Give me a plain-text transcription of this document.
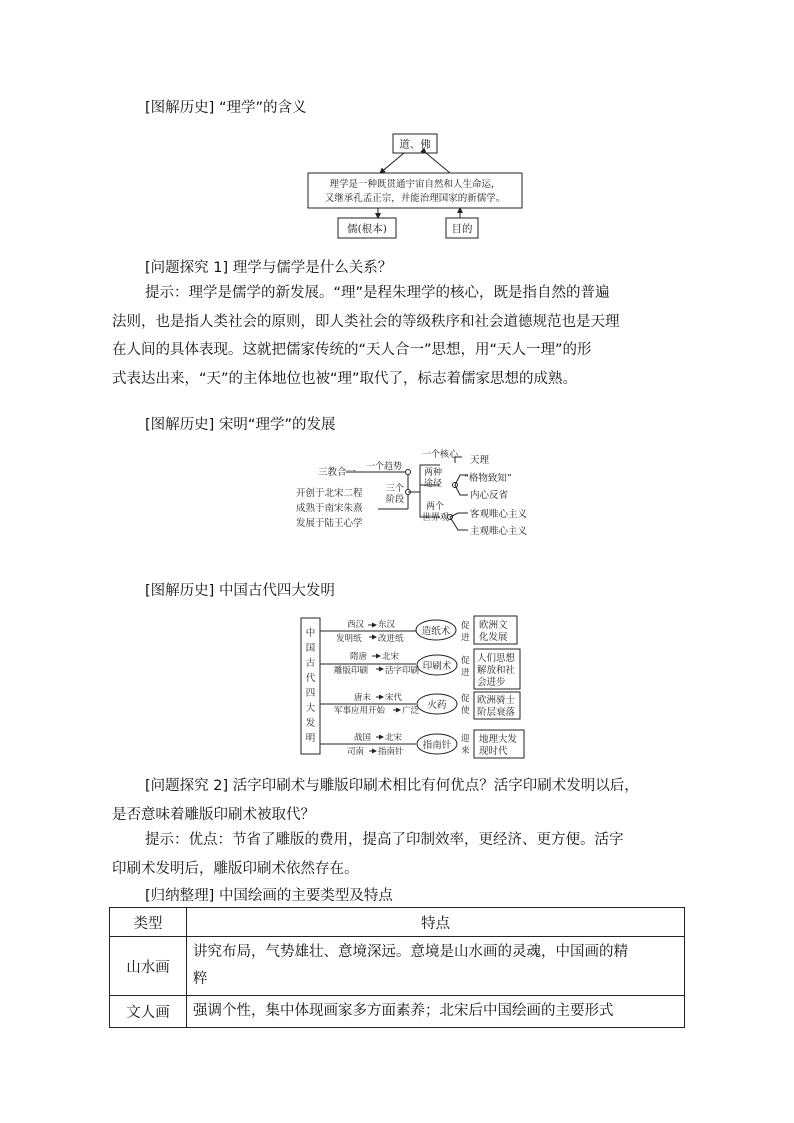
[图解历史] “理学”的含义
道、佛
理学是一种既贯通宇宙自然和人生命运，
又继承孔孟正宗，并能治理国家的新儒学。
儒(根本)	目的
[问题探究 1] 理学与儒学是什么关系？
提示：理学是儒学的新发展。“理”是程朱理学的核心，既是指自然的普遍
法则，也是指人类社会的原则，即人类社会的等级秩序和社会道德规范也是天理
在人间的具体表现。这就把儒家传统的“天人合一”思想，用“天人一理”的形
式表达出来，“天”的主体地位也被“理”取代了，标志着儒家思想的成熟。
[图解历史] 宋明“理学”的发展
三教合一 一个趋势
开创于北宋二程
成熟于南宋朱熹
发展于陆王心学
三个
阶段
一个核心 天理
两种
途径 “格物致知”
内心反省
两个
世界观 客观唯心主义
主观唯心主义
[图解历史] 中国古代四大发明
中
国
古
代
四
大
发
明
西汉 东汉
发明纸 改进纸
造纸术 促
进
欧洲文
化发展
隋唐 北宋
雕版印刷 活字印刷 印刷术 促
进
人们思想
解放和社
会进步
唐末 宋代
军事应用开始 广泛 火药
促
使
欧洲骑士
阶层衰落
战国 北宋
司南 指南针
指南针
迎
来
地理大发
现时代
[问题探究 2] 活字印刷术与雕版印刷术相比有何优点？活字印刷术发明以后，
是否意味着雕版印刷术被取代？
提示：优点：节省了雕版的费用，提高了印制效率，更经济、更方便。活字
印刷术发明后，雕版印刷术依然存在。
[归纳整理] 中国绘画的主要类型及特点
类型	特点
山水画	讲究布局，气势雄壮、意境深远。意境是山水画的灵魂，中国画的精
粹

文人画	强调个性，集中体现画家多方面素养；北宋后中国绘画的主要形式
